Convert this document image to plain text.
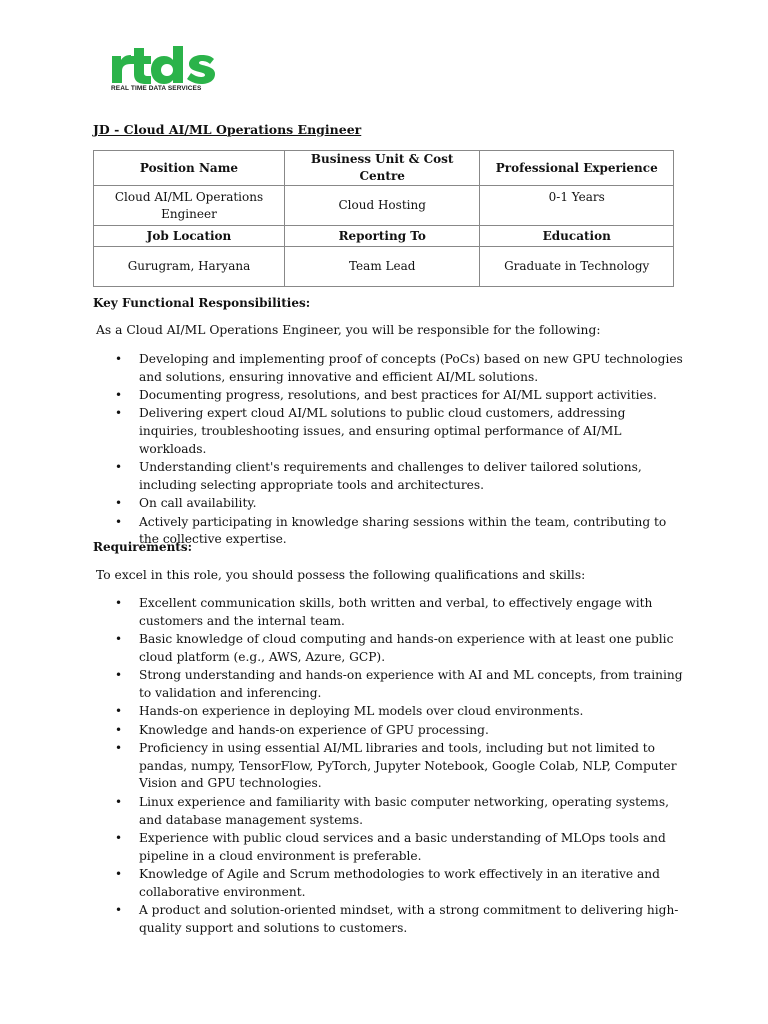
REAL TIME DATA SERVICES
JD - Cloud AI/ML Operations Engineer
Position Name	Business Unit & Cost Centre	Professional Experience
Cloud AI/ML Operations Engineer	Cloud Hosting	0-1 Years
Job Location	Reporting To	Education
Gurugram, Haryana	Team Lead	Graduate in Technology
Key Functional Responsibilities:
As a Cloud AI/ML Operations Engineer, you will be responsible for the following:
• Developing and implementing proof of concepts (PoCs) based on new GPU technologies and solutions, ensuring innovative and efficient AI/ML solutions.
• Documenting progress, resolutions, and best practices for AI/ML support activities.
• Delivering expert cloud AI/ML solutions to public cloud customers, addressing inquiries, troubleshooting issues, and ensuring optimal performance of AI/ML workloads.
• Understanding client's requirements and challenges to deliver tailored solutions, including selecting appropriate tools and architectures.
• On call availability.
• Actively participating in knowledge sharing sessions within the team, contributing to the collective expertise.
Requirements:
To excel in this role, you should possess the following qualifications and skills:
• Excellent communication skills, both written and verbal, to effectively engage with customers and the internal team.
• Basic knowledge of cloud computing and hands-on experience with at least one public cloud platform (e.g., AWS, Azure, GCP).
• Strong understanding and hands-on experience with AI and ML concepts, from training to validation and inferencing.
• Hands-on experience in deploying ML models over cloud environments.
• Knowledge and hands-on experience of GPU processing.
• Proficiency in using essential AI/ML libraries and tools, including but not limited to pandas, numpy, TensorFlow, PyTorch, Jupyter Notebook, Google Colab, NLP, Computer Vision and GPU technologies.
• Linux experience and familiarity with basic computer networking, operating systems, and database management systems.
• Experience with public cloud services and a basic understanding of MLOps tools and pipeline in a cloud environment is preferable.
• Knowledge of Agile and Scrum methodologies to work effectively in an iterative and collaborative environment.
• A product and solution-oriented mindset, with a strong commitment to delivering high-quality support and solutions to customers.
